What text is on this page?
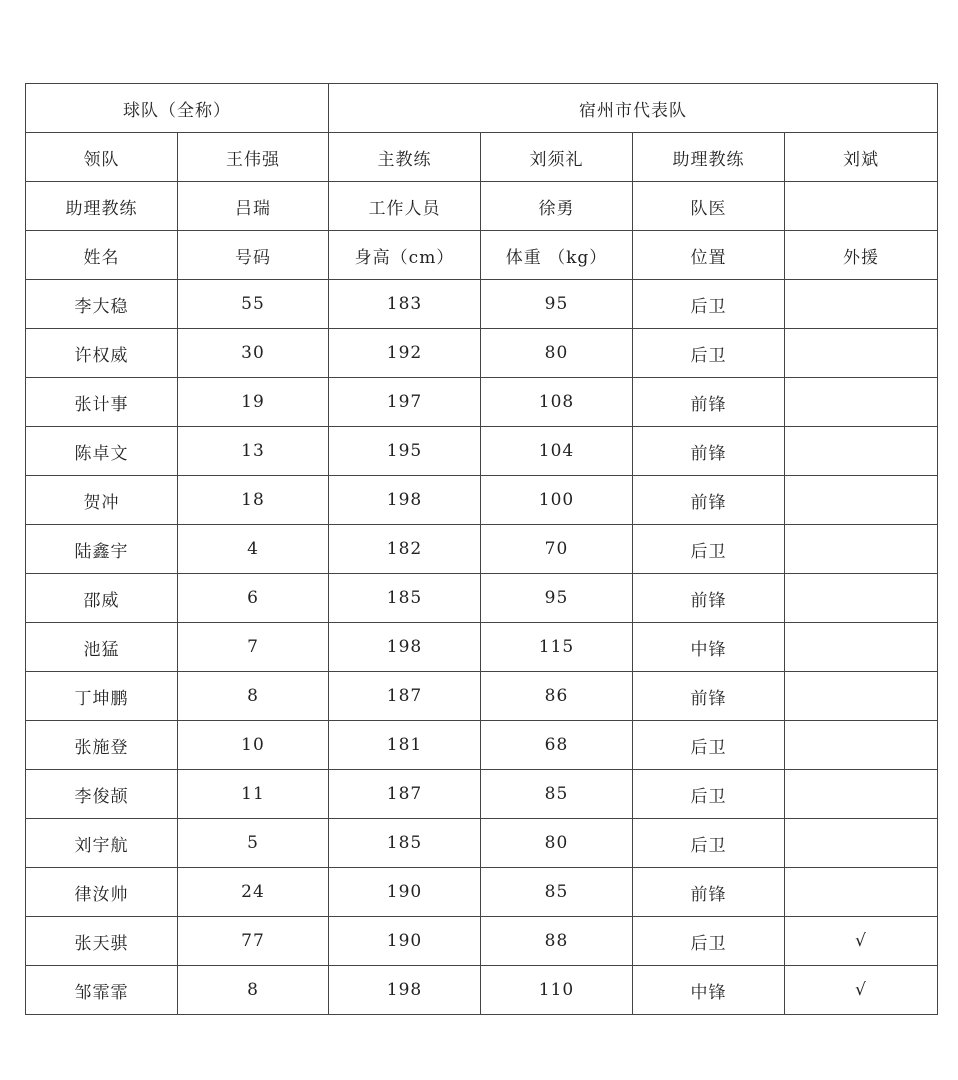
球队（全称）		宿州市代表队			
领队	王伟强	主教练	刘须礼	助理教练	刘斌
助理教练	吕瑞	工作人员	徐勇	队医	
姓名	号码	身高（cm）	体重 （kg）	位置	外援
李大稳	55	183	95	后卫	
许权威	30	192	80	后卫	
张计事	19	197	108	前锋	
陈卓文	13	195	104	前锋	
贺冲	18	198	100	前锋	
陆鑫宇	4	182	70	后卫	
邵威	6	185	95	前锋	
池猛	7	198	115	中锋	
丁坤鹏	8	187	86	前锋	
张施登	10	181	68	后卫	
李俊颉	11	187	85	后卫	
刘宇航	5	185	80	后卫	
律汝帅	24	190	85	前锋	
张天骐	77	190	88	后卫	√
邹霏霏	8	198	110	中锋	√
